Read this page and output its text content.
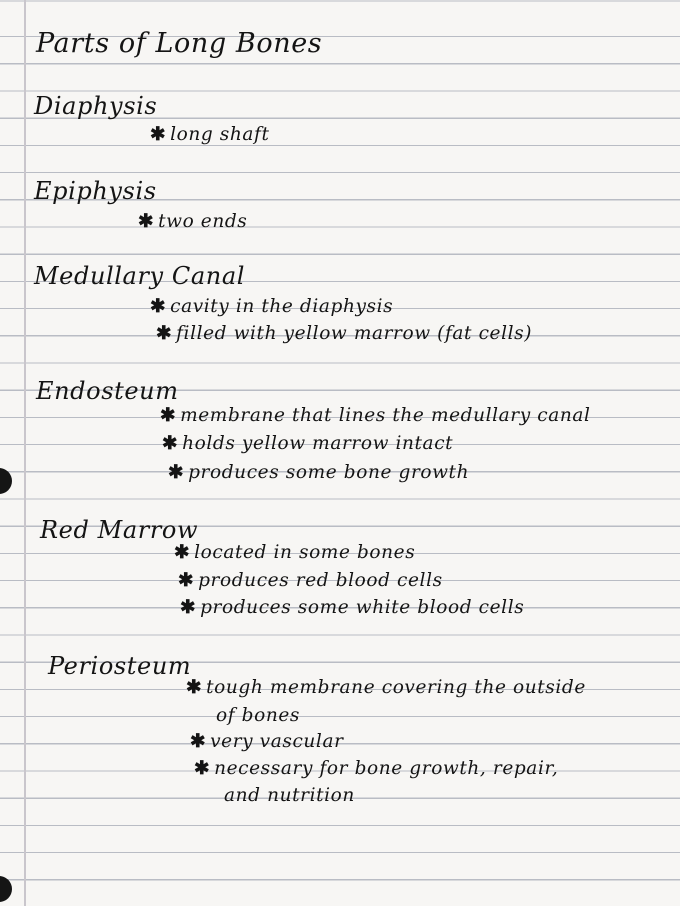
Parts of Long Bones
Diaphysis
✱ long shaft
Epiphysis
✱ two ends
Medullary Canal
✱ cavity in the diaphysis
✱ filled with yellow marrow (fat cells)
Endosteum
✱ membrane that lines the medullary canal
✱ holds yellow marrow intact
✱ produces some bone growth
Red Marrow
✱ located in some bones
✱ produces red blood cells
✱ produces some white blood cells
Periosteum
✱ tough membrane covering the outside
of bones
✱ very vascular
✱ necessary for bone growth, repair,
and nutrition
